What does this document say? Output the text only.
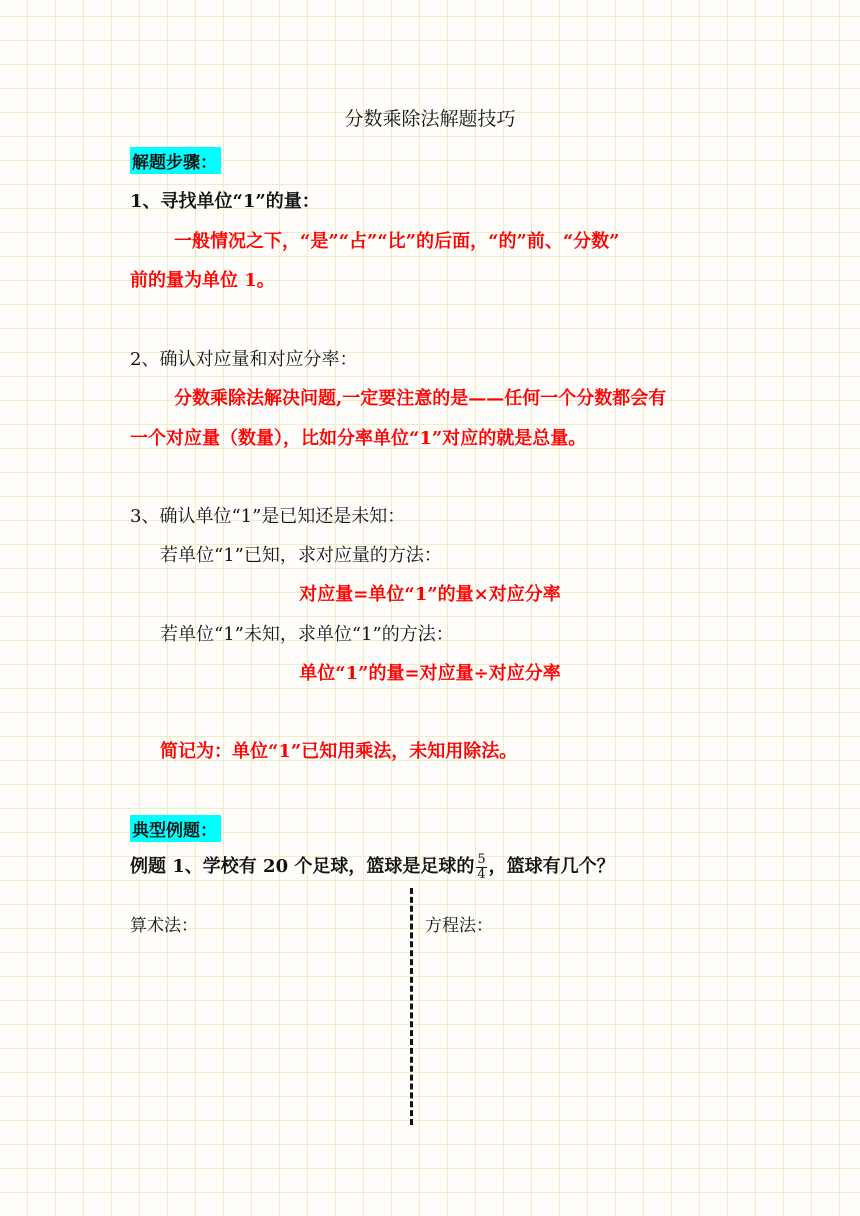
分数乘除法解题技巧
解题步骤：
1、寻找单位“1”的量：
一般情况之下，“是”“占”“比”的后面，“的”前、“分数”
前的量为单位 1。
2、确认对应量和对应分率：
分数乘除法解决问题,一定要注意的是——任何一个分数都会有
一个对应量（数量），比如分率单位“1”对应的就是总量。
3、确认单位“1”是已知还是未知：
若单位“1”已知，求对应量的方法：
对应量=单位“1”的量×对应分率
若单位“1”未知，求单位“1”的方法：
单位“1”的量=对应量÷对应分率
简记为：单位“1”已知用乘法，未知用除法。
典型例题：
例题 1、学校有 20 个足球，篮球是足球的 $\frac{5}{4}$ ，篮球有几个？
算术法：	方程法：
